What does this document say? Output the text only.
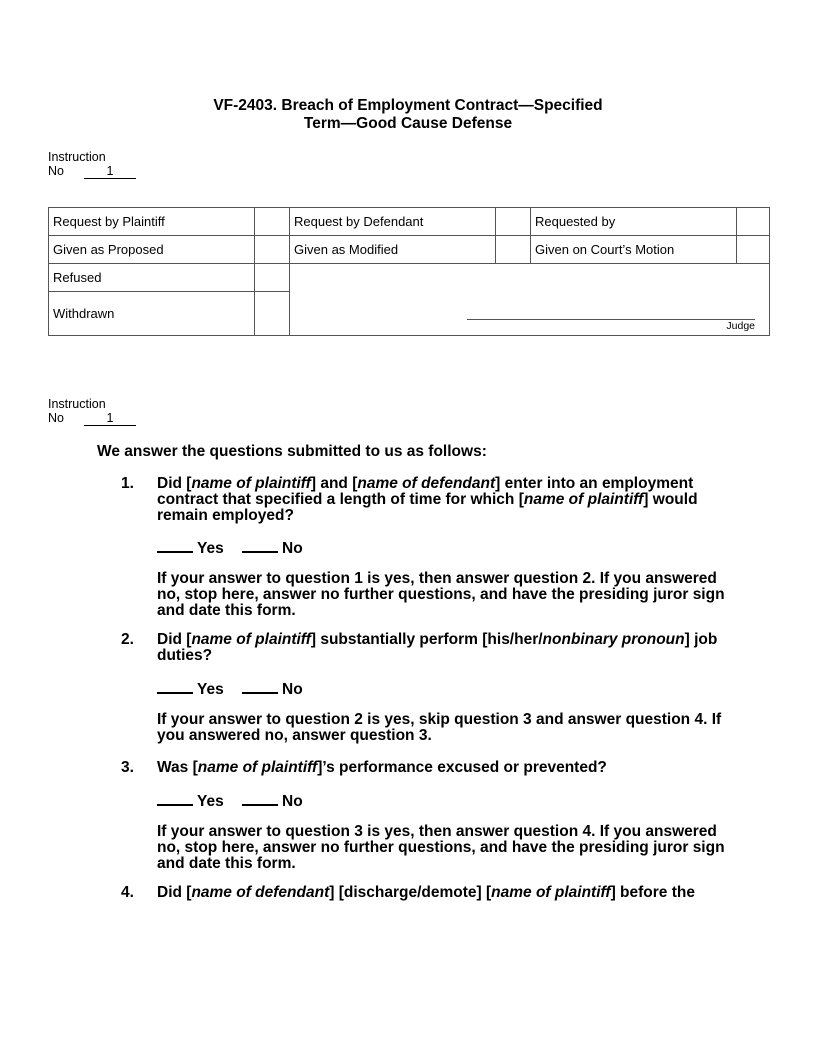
VF-2403. Breach of Employment Contract—Specified
Term—Good Cause Defense
Instruction
No	1
Request by Plaintiff		Request by Defendant		Requested by	
Given as Proposed		Given as Modified		Given on Court’s Motion	
Refused		Judge			

Withdrawn					
Instruction
No	1
We answer the questions submitted to us as follows:
1. Did [name of plaintiff] and [name of defendant] enter into an employment contract that specified a length of time for which [name of plaintiff] would remain employed?
Yes	No
If your answer to question 1 is yes, then answer question 2. If you answered no, stop here, answer no further questions, and have the presiding juror sign and date this form.
2. Did [name of plaintiff] substantially perform [his/her/nonbinary pronoun] job duties?
Yes	No
If your answer to question 2 is yes, skip question 3 and answer question 4. If you answered no, answer question 3.
3. Was [name of plaintiff]’s performance excused or prevented?
Yes	No
If your answer to question 3 is yes, then answer question 4. If you answered no, stop here, answer no further questions, and have the presiding juror sign and date this form.
4. Did [name of defendant] [discharge/demote] [name of plaintiff] before the
